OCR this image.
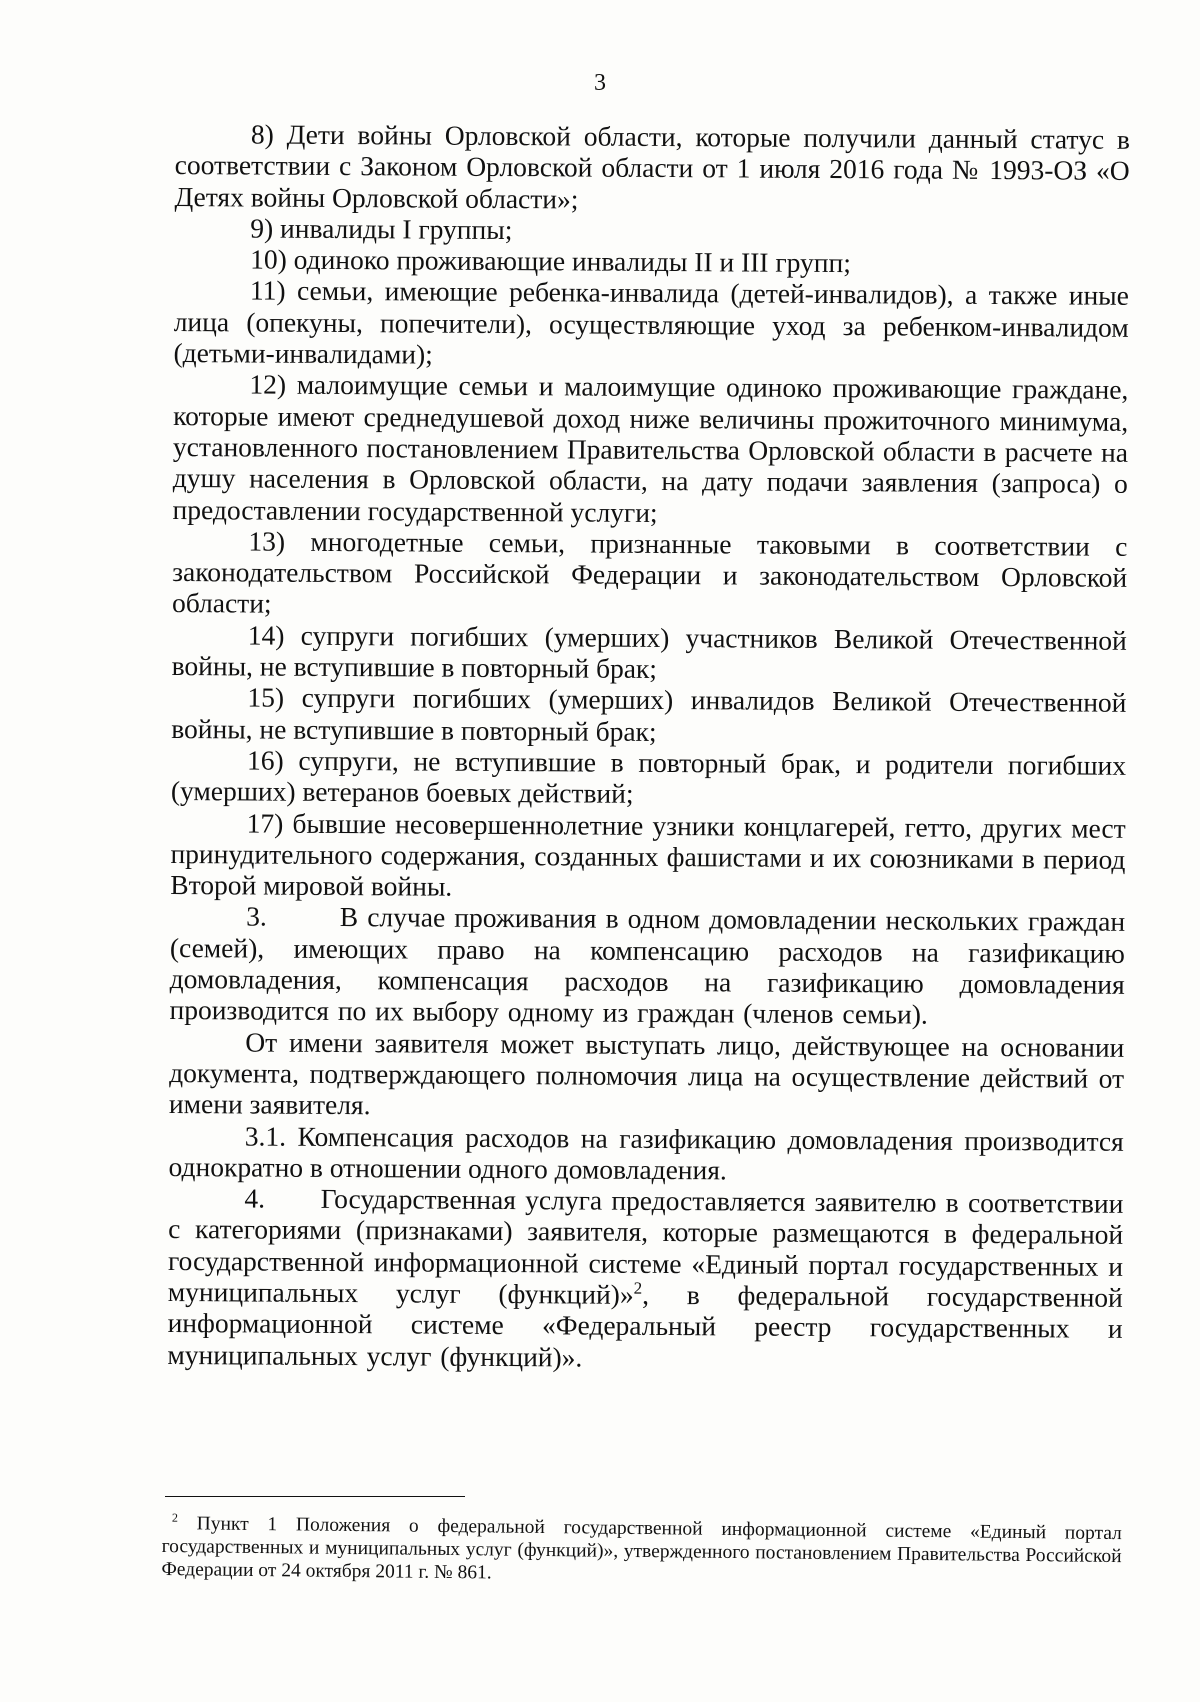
3

8) Дети войны Орловской области, которые получили данный статус в соответствии с Законом Орловской области от 1 июля 2016 года № 1993-ОЗ «О Детях войны Орловской области»;

9) инвалиды I группы;

10) одиноко проживающие инвалиды II и III групп;

11) семьи, имеющие ребенка-инвалида (детей-инвалидов), а также иные лица (опекуны, попечители), осуществляющие уход за ребенком-инвалидом (детьми-инвалидами);

12) малоимущие семьи и малоимущие одиноко проживающие граждане, которые имеют среднедушевой доход ниже величины прожиточного минимума, установленного постановлением Правительства Орловской области в расчете на душу населения в Орловской области, на дату подачи заявления (запроса) о предоставлении государственной услуги;

13) многодетные семьи, признанные таковыми в соответствии с законодательством Российской Федерации и законодательством Орловской области;

14) супруги погибших (умерших) участников Великой Отечественной войны, не вступившие в повторный брак;

15) супруги погибших (умерших) инвалидов Великой Отечественной войны, не вступившие в повторный брак;

16) супруги, не вступившие в повторный брак, и родители погибших (умерших) ветеранов боевых действий;

17) бывшие несовершеннолетние узники концлагерей, гетто, других мест принудительного содержания, созданных фашистами и их союзниками в период Второй мировой войны.

3.        В случае проживания в одном домовладении нескольких граждан (семей), имеющих право на компенсацию расходов на газификацию домовладения, компенсация расходов на газификацию домовладения производится по их выбору одному из граждан (членов семьи).

От имени заявителя может выступать лицо, действующее на основании документа, подтверждающего полномочия лица на осуществление действий от имени заявителя.

3.1. Компенсация расходов на газификацию домовладения производится однократно в отношении одного домовладения.

4.      Государственная услуга предоставляется заявителю в соответствии с категориями (признаками) заявителя, которые размещаются в федеральной государственной информационной системе «Единый портал государственных и муниципальных услуг (функций)»$^2$, в федеральной государственной информационной системе «Федеральный реестр государственных и муниципальных услуг (функций)».

$^2$ Пункт 1 Положения о федеральной государственной информационной системе «Единый портал государственных и муниципальных услуг (функций)», утвержденного постановлением Правительства Российской Федерации от 24 октября 2011 г. № 861.
